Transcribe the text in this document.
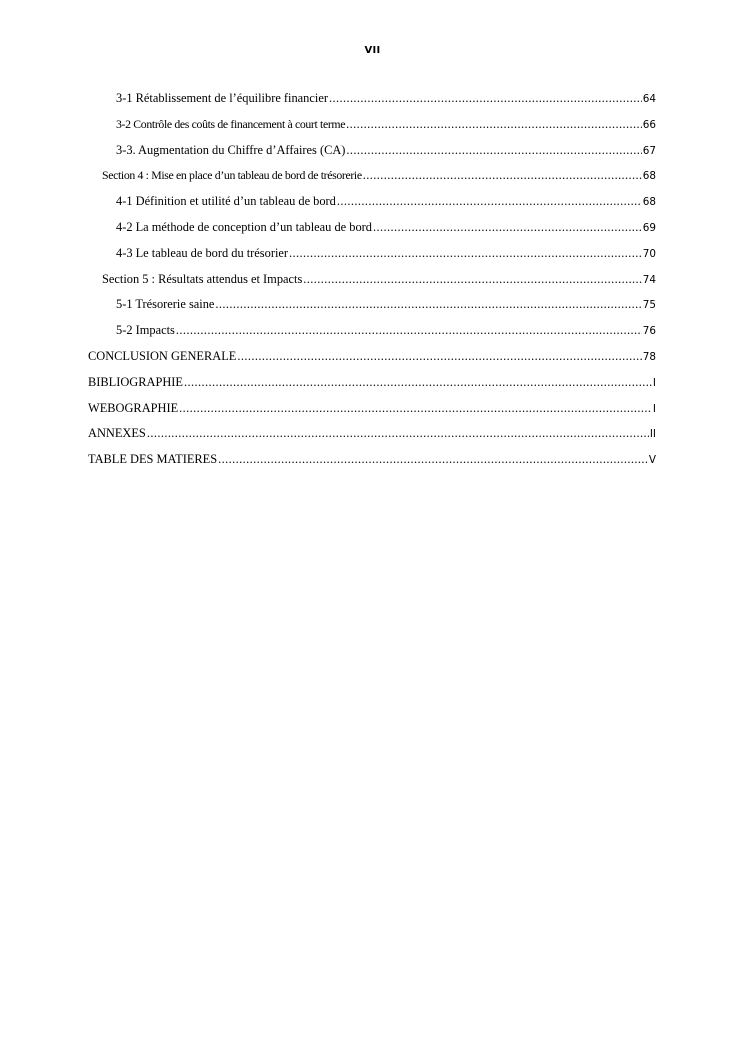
VII
3-1 Rétablissement de l’équilibre financier .....	64
3-2 Contrôle des coûts de financement à court terme .....	66
3-3. Augmentation du Chiffre d’Affaires (CA) .....	67
Section 4 : Mise en place d’un tableau de bord de trésorerie .....	68
4-1 Définition et utilité d’un tableau de bord .....	68
4-2 La méthode de conception d’un tableau de bord .....	69
4-3 Le tableau de bord du trésorier .....	70
Section 5 : Résultats attendus et Impacts .....	74
5-1 Trésorerie saine .....	75
5-2 Impacts .....	76
CONCLUSION GENERALE .....	78
BIBLIOGRAPHIE .....	I
WEBOGRAPHIE .....	I
ANNEXES .....	II
TABLE DES MATIERES .....	V
